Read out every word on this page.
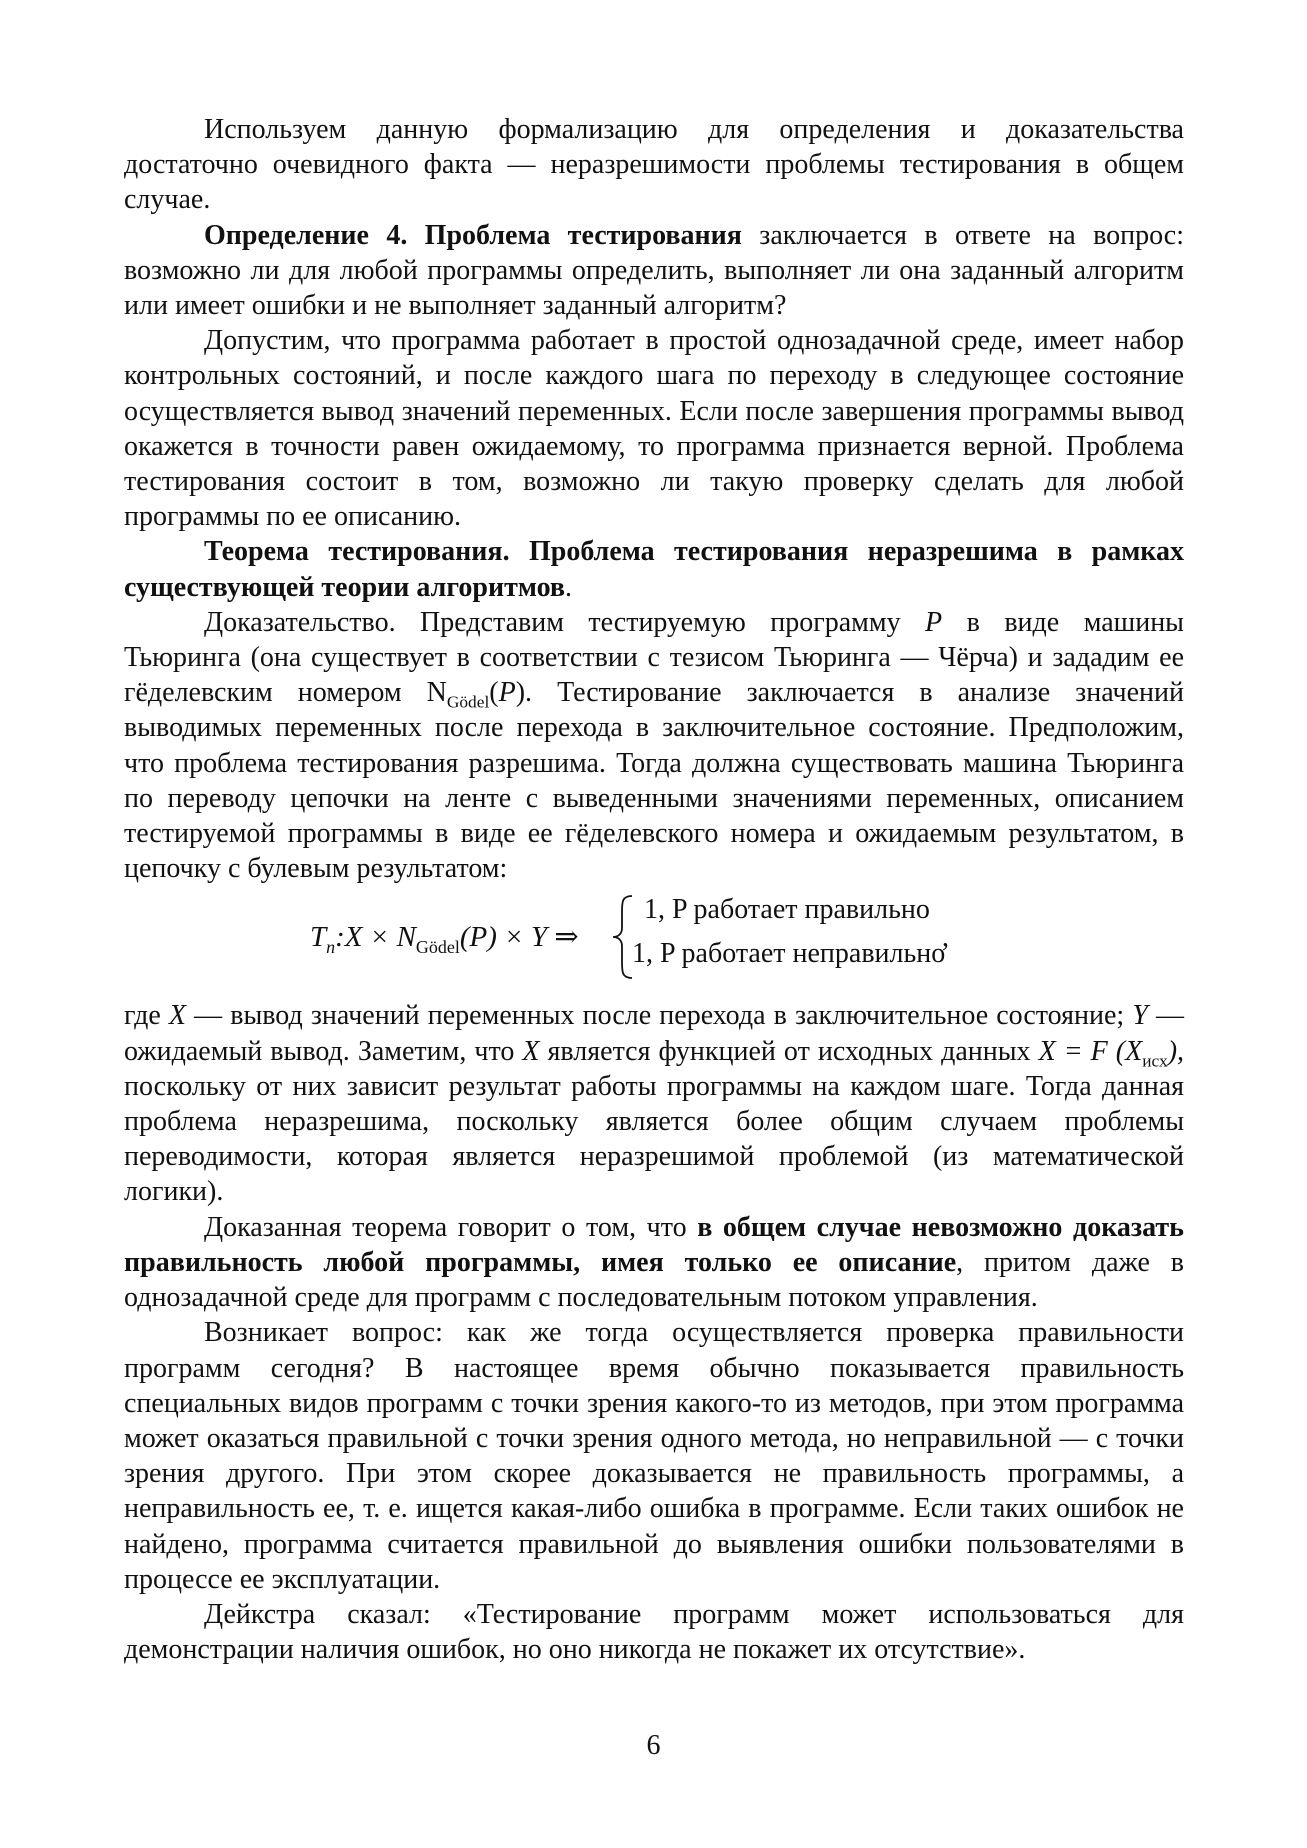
Используем данную формализацию для определения и доказательства достаточно очевидного факта — неразрешимости проблемы тестирования в общем случае.

Определение 4. Проблема тестирования заключается в ответе на вопрос: возможно ли для любой программы определить, выполняет ли она заданный алгоритм или имеет ошибки и не выполняет заданный алгоритм?

Допустим, что программа работает в простой однозадачной среде, имеет набор контрольных состояний, и после каждого шага по переходу в следующее состояние осуществляется вывод значений переменных. Если после завершения программы вывод окажется в точности равен ожидаемому, то программа признается верной. Проблема тестирования состоит в том, возможно ли такую проверку сделать для любой программы по ее описанию.

Теорема тестирования. Проблема тестирования неразрешима в рамках существующей теории алгоритмов.

Доказательство. Представим тестируемую программу P в виде машины Тьюринга (она существует в соответствии с тезисом Тьюринга — Чёрча) и зададим ее гёделевским номером $N_{Gödel}(P)$. Тестирование заключается в анализе значений выводимых переменных после перехода в заключительное состояние. Предположим, что проблема тестирования разрешима. Тогда должна существовать машина Тьюринга по переводу цепочки на ленте с выведенными значениями переменных, описанием тестируемой программы в виде ее гёделевского номера и ожидаемым результатом, в цепочку с булевым результатом:

$T_n:X \times N_{Gödel}(P) \times Y$ ⇒
1, P работает правильно
1, P работает неправильно
,

где X — вывод значений переменных после перехода в заключительное состояние; Y — ожидаемый вывод. Заметим, что X является функцией от исходных данных X = F $(X_{исх})$, поскольку от них зависит результат работы программы на каждом шаге. Тогда данная проблема неразрешима, поскольку является более общим случаем проблемы переводимости, которая является неразрешимой проблемой (из математической логики).

Доказанная теорема говорит о том, что в общем случае невозможно доказать правильность любой программы, имея только ее описание, притом даже в однозадачной среде для программ с последовательным потоком управления.

Возникает вопрос: как же тогда осуществляется проверка правильности программ сегодня? В настоящее время обычно показывается правильность специальных видов программ с точки зрения какого-то из методов, при этом программа может оказаться правильной с точки зрения одного метода, но неправильной — с точки зрения другого. При этом скорее доказывается не правильность программы, а неправильность ее, т. е. ищется какая-либо ошибка в программе. Если таких ошибок не найдено, программа считается правильной до выявления ошибки пользователями в процессе ее эксплуатации.

Дейкстра сказал: «Тестирование программ может использоваться для демонстрации наличия ошибок, но оно никогда не покажет их отсутствие».

6
